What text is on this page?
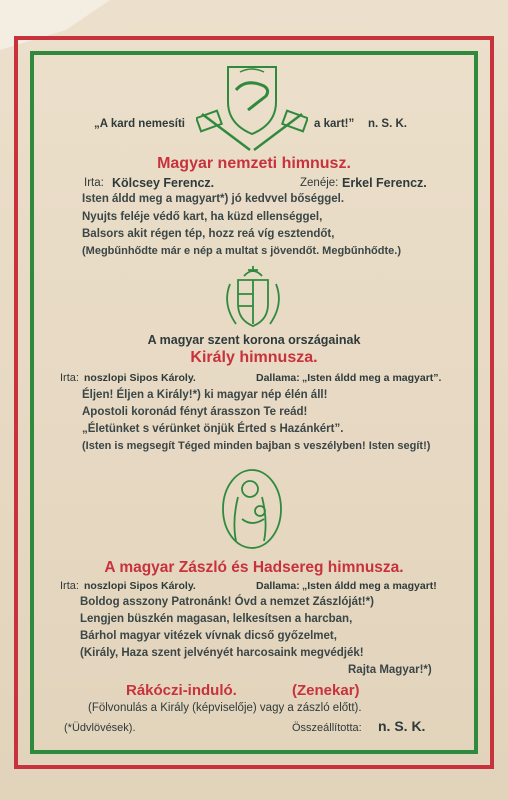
„A kard nemesíti	a kart!” n. S. K.
Magyar nemzeti himnusz.
Irta: Kölcsey Ferencz.	Zenéje: Erkel Ferencz.
Isten áldd meg a magyart*) jó kedvvel bőséggel.
Nyujts feléje védő kart, ha küzd ellenséggel,
Balsors akit régen tép, hozz reá víg esztendőt,
(Megbűnhődte már e nép a multat s jövendőt. Megbűnhődte.)
A magyar szent korona országainak
Király himnusza.
Irta: noszlopi Sipos Károly.	Dallama: „Isten áldd meg a magyart”.
Éljen! Éljen a Király!*) ki magyar nép élén áll!
Apostoli koronád fényt árasszon Te reád!
„Életünket s vérünket önjük Érted s Hazánkért”.
(Isten is megsegít Téged minden bajban s veszélyben! Isten segít!)
A magyar Zászló és Hadsereg himnusza.
Irta: noszlopi Sipos Károly.	Dallama: „Isten áldd meg a magyart!
Boldog asszony Patronánk! Óvd a nemzet Zászlóját!*)
Lengjen büszkén magasan, lelkesítsen a harcban,
Bárhol magyar vitézek vívnak dicső győzelmet,
(Király, Haza szent jelvényét harcosaink megvédjék!
Rajta Magyar!*)
Rákóczi-induló.	(Zenekar)
(Fölvonulás a Király (képviselője) vagy a zászló előtt).
(*Üdvlövések).	Összeállította: n. S. K.
